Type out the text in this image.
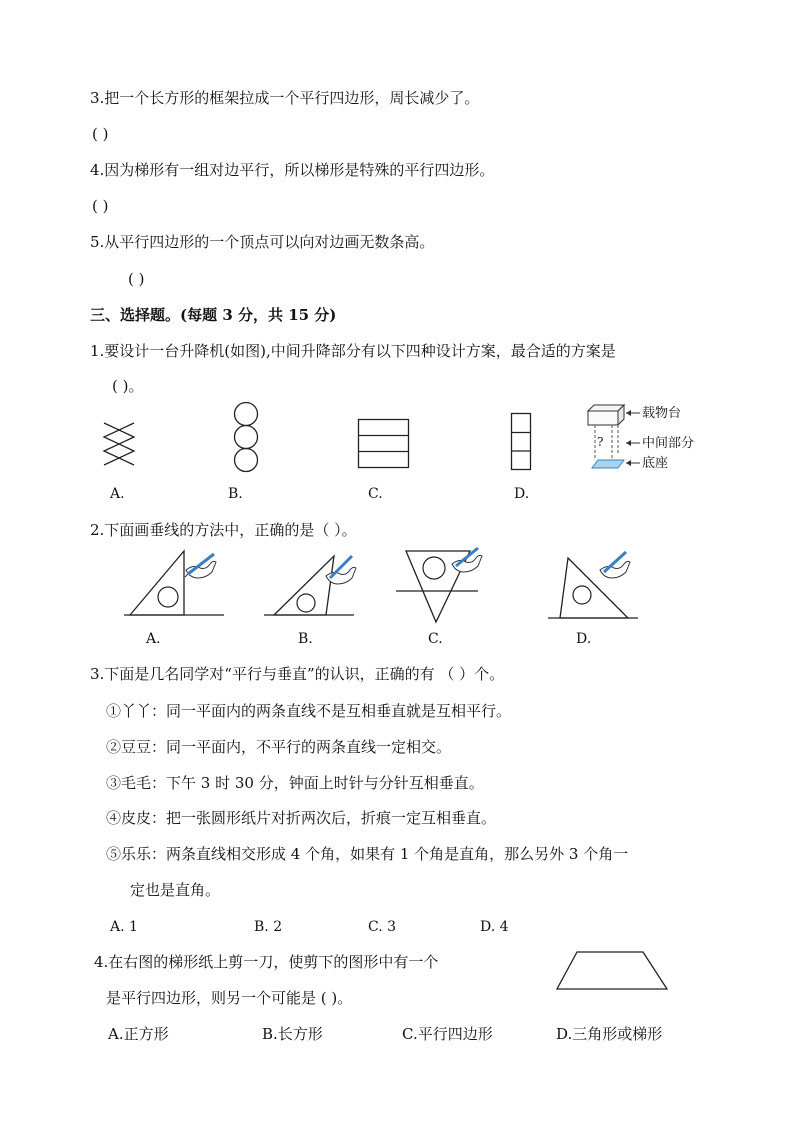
3.把一个长方形的框架拉成一个平行四边形，周长减少了。
( )
4.因为梯形有一组对边平行，所以梯形是特殊的平行四边形。
( )
5.从平行四边形的一个顶点可以向对边画无数条高。
( )
三、选择题。(每题 3 分，共 15 分)
1.要设计一台升降机(如图),中间升降部分有以下四种设计方案，最合适的方案是
( )。
?
载物台
中间部分
底座
A.	B.	C.	D.
2.下面画垂线的方法中，正确的是（ ）。
A.	B.	C.	D.
3.下面是几名同学对“平行与垂直”的认识，正确的有 （ ）个。
①丫丫：同一平面内的两条直线不是互相垂直就是互相平行。
②豆豆：同一平面内，不平行的两条直线一定相交。
③毛毛：下午 3 时 30 分，钟面上时针与分针互相垂直。
④皮皮：把一张圆形纸片对折两次后，折痕一定互相垂直。
⑤乐乐：两条直线相交形成 4 个角，如果有 1 个角是直角，那么另外 3 个角一
定也是直角。
A. 1	B. 2	C. 3	D. 4
4.在右图的梯形纸上剪一刀，使剪下的图形中有一个
是平行四边形，则另一个可能是 ( )。
A.正方形	B.长方形	C.平行四边形	D.三角形或梯形
